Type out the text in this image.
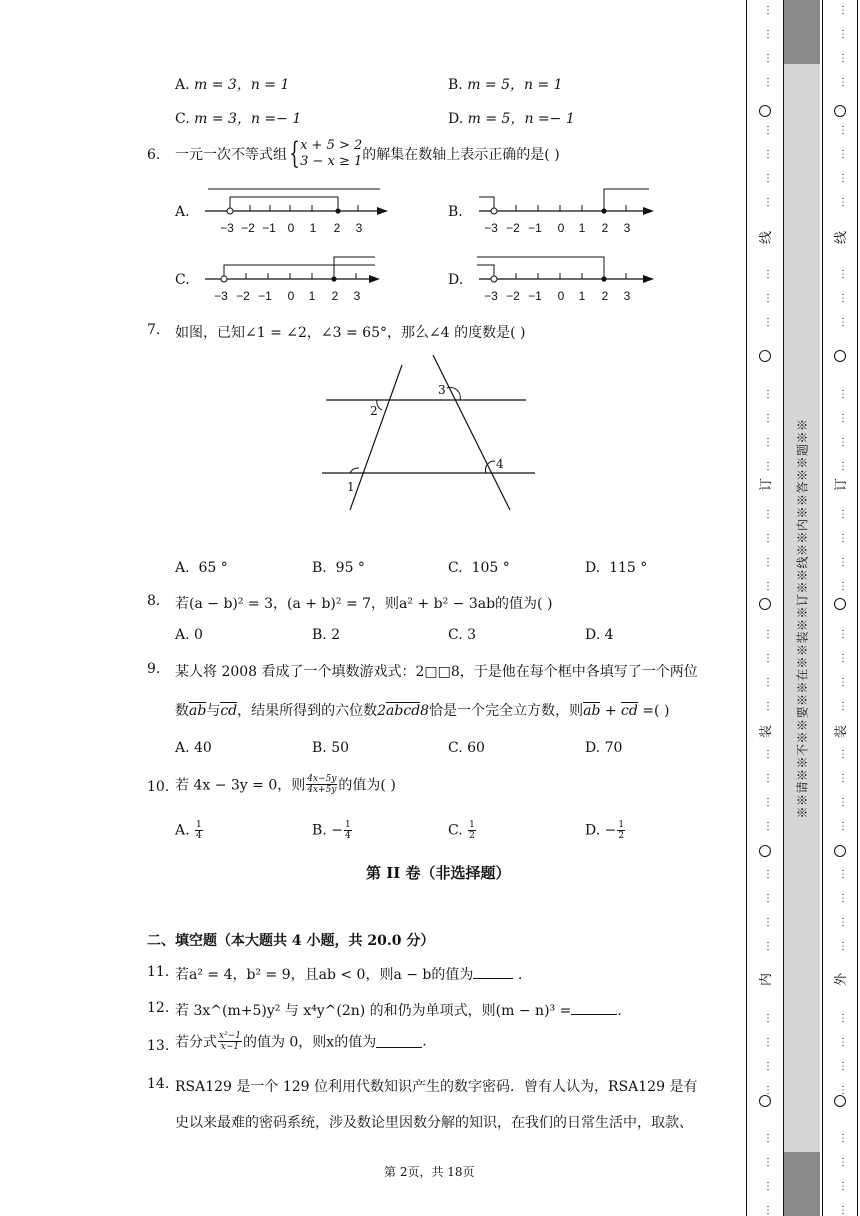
A. m = 3，n = 1	B. m = 5，n = 1
C. m = 3，n =− 1	D. m = 5，n =− 1
6. 一元一次不等式组{ x + 5 > 2
3 − x ≥ 1 的解集在数轴上表示正确的是( )
A.	B.
C.	D.
−3 −2 −1 0 1 2 3	−3 −2 −1 0 1 2 3
−3 −2 −1 0 1 2 3	−3 −2 −1 0 1 2 3
7. 如图，已知∠1 = ∠2，∠3 = 65°，那么∠4 的度数是( )
1
2
3
4
A. 65 °	B. 95 °	C. 105 °	D. 115 °
8. 若(a − b)² = 3，(a + b)² = 7，则a² + b² − 3ab的值为( )
A. 0	B. 2	C. 3	D. 4
9. 某人将 2008 看成了一个填数游戏式：2□□8，于是他在每个框中各填写了一个两位
数ab与cd，结果所得到的六位数2abcd8恰是一个完全立方数，则ab + cd =( )
A. 40	B. 50	C. 60	D. 70
10. 若 4x − 3y = 0，则 $\frac{4x-5y}{4x+5y}$ 的值为( )
A. $\frac{1}{4}$	B. − $\frac{1}{4}$	C. $\frac{1}{2}$	D. − $\frac{1}{2}$
第 II 卷（非选择题）
二、填空题（本大题共 4 小题，共 20.0 分）
11. 若a² = 4，b² = 9，且ab < 0，则a − b的值为	.
12. 若 3x^(m+5)y² 与 x⁴y^(2n) 的和仍为单项式，则(m − n)³ =	.
13. 若分式 $\frac{\text{x²−1}}{x-1}$ 的值为 0，则x的值为	.
14. RSA129 是一个 129 位利用代数知识产生的数字密码．曾有人认为，RSA129 是有
史以来最难的密码系统，涉及数论里因数分解的知识，在我们的日常生活中，取款、
第 2页，共 18页
※※请※※不※※要※※在※※装※※订※※线※※内※※答※※题※※
线
订
装
内
线
订
装
外
⋮
⋮
⋮
⋮
⋮
⋮
⋮
⋮
⋮
⋮
⋮
⋮
⋮
⋮
⋮
⋮
⋮
⋮
⋮
⋮
⋮
⋮
⋮
⋮
⋮
⋮
⋮
⋮
⋮
⋮
⋮
⋮
⋮
⋮
⋮
⋮
⋮
⋮
⋮
⋮
⋮
⋮
⋮
⋮
⋮
⋮
⋮
⋮
⋮
⋮
⋮
⋮
⋮
⋮
⋮
⋮
⋮
⋮
⋮
⋮
⋮
⋮
⋮
⋮
⋮
⋮
⋮
⋮
⋮
⋮
⋮
⋮
⋮
⋮
⋮
⋮
⋮
⋮
